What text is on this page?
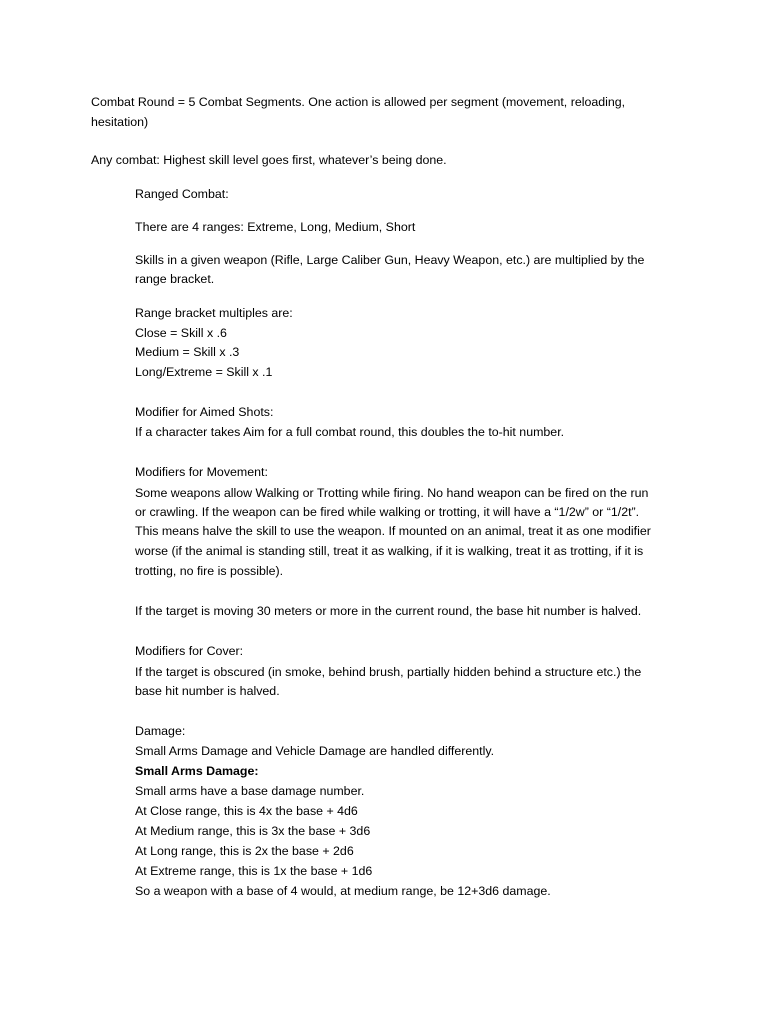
Combat Round = 5 Combat Segments. One action is allowed per segment (movement, reloading,
hesitation)
Any combat: Highest skill level goes first, whatever’s being done.
Ranged Combat:
There are 4 ranges: Extreme, Long, Medium, Short
Skills in a given weapon (Rifle, Large Caliber Gun, Heavy Weapon, etc.) are multiplied by the
range bracket.
Range bracket multiples are:
Close = Skill x .6
Medium = Skill x .3
Long/Extreme = Skill x .1
Modifier for Aimed Shots:
If a character takes Aim for a full combat round, this doubles the to-hit number.
Modifiers for Movement:
Some weapons allow Walking or Trotting while firing. No hand weapon can be fired on the run
or crawling. If the weapon can be fired while walking or trotting, it will have a “1/2w” or “1/2t”.
This means halve the skill to use the weapon. If mounted on an animal, treat it as one modifier
worse (if the animal is standing still, treat it as walking, if it is walking, treat it as trotting, if it is
trotting, no fire is possible).
If the target is moving 30 meters or more in the current round, the base hit number is halved.
Modifiers for Cover:
If the target is obscured (in smoke, behind brush, partially hidden behind a structure etc.) the
base hit number is halved.
Damage:
Small Arms Damage and Vehicle Damage are handled differently.
Small Arms Damage:
Small arms have a base damage number.
At Close range, this is 4x the base + 4d6
At Medium range, this is 3x the base + 3d6
At Long range, this is 2x the base + 2d6
At Extreme range, this is 1x the base + 1d6
So a weapon with a base of 4 would, at medium range, be 12+3d6 damage.
